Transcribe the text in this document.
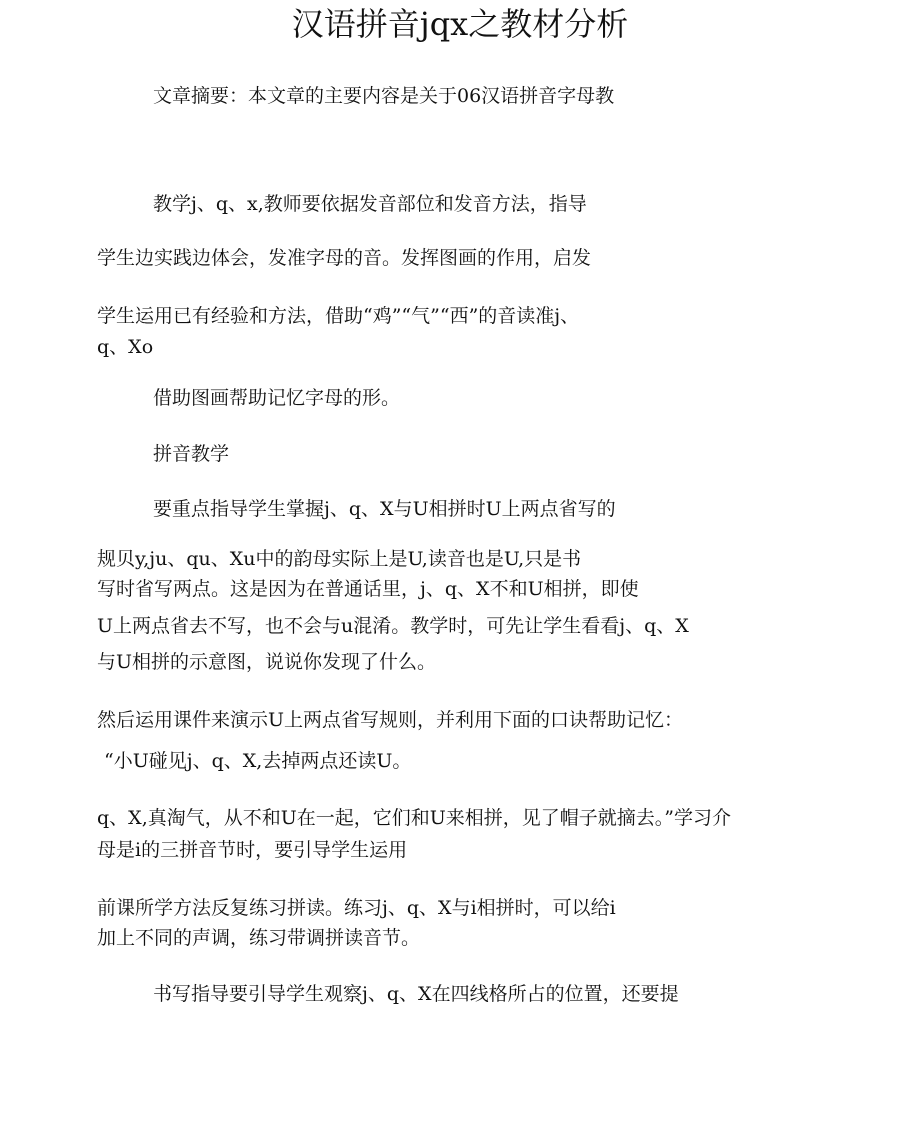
汉语拼音jqx之教材分析

文章摘要：本文章的主要内容是关于06汉语拼音字母教

教学j、q、x,教师要依据发音部位和发音方法，指导

学生边实践边体会，发准字母的音。发挥图画的作用，启发

学生运用已有经验和方法，借助“鸡”“气”“西”的音读准j、

q、Xo

借助图画帮助记忆字母的形。

拼音教学

要重点指导学生掌握j、q、X与U相拼时U上两点省写的

规贝y,ju、qu、Xu中的韵母实际上是U,读音也是U,只是书

写时省写两点。这是因为在普通话里，j、q、X不和U相拼，即使

U上两点省去不写，也不会与u混淆。教学时，可先让学生看看j、q、X

与U相拼的示意图，说说你发现了什么。

然后运用课件来演示U上两点省写规则，并利用下面的口诀帮助记忆：

“小U碰见j、q、X,去掉两点还读U。

q、X,真淘气，从不和U在一起，它们和U来相拼，见了帽子就摘去。”学习介

母是i的三拼音节时，要引导学生运用

前课所学方法反复练习拼读。练习j、q、X与i相拼时，可以给i

加上不同的声调，练习带调拼读音节。

书写指导要引导学生观察j、q、X在四线格所占的位置，还要提
